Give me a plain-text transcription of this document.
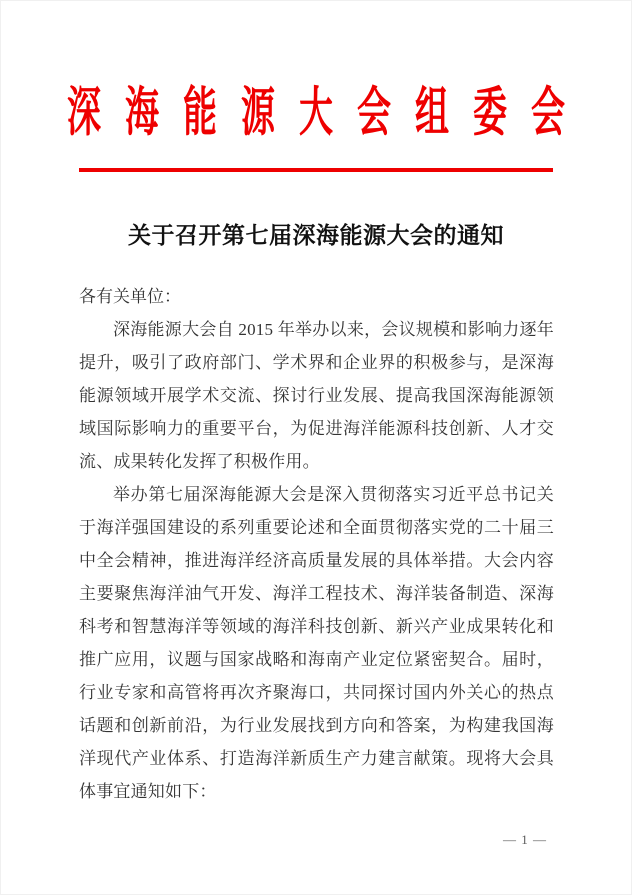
深海能源大会组委会
关于召开第七届深海能源大会的通知

各有关单位：

深海能源大会自 2015 年举办以来，会议规模和影响力逐年提升，吸引了政府部门、学术界和企业界的积极参与，是深海能源领域开展学术交流、探讨行业发展、提高我国深海能源领域国际影响力的重要平台，为促进海洋能源科技创新、人才交流、成果转化发挥了积极作用。

举办第七届深海能源大会是深入贯彻落实习近平总书记关于海洋强国建设的系列重要论述和全面贯彻落实党的二十届三中全会精神，推进海洋经济高质量发展的具体举措。大会内容主要聚焦海洋油气开发、海洋工程技术、海洋装备制造、深海科考和智慧海洋等领域的海洋科技创新、新兴产业成果转化和推广应用，议题与国家战略和海南产业定位紧密契合。届时，行业专家和高管将再次齐聚海口，共同探讨国内外关心的热点话题和创新前沿，为行业发展找到方向和答案，为构建我国海洋现代产业体系、打造海洋新质生产力建言献策。现将大会具体事宜通知如下：

— 1 —
